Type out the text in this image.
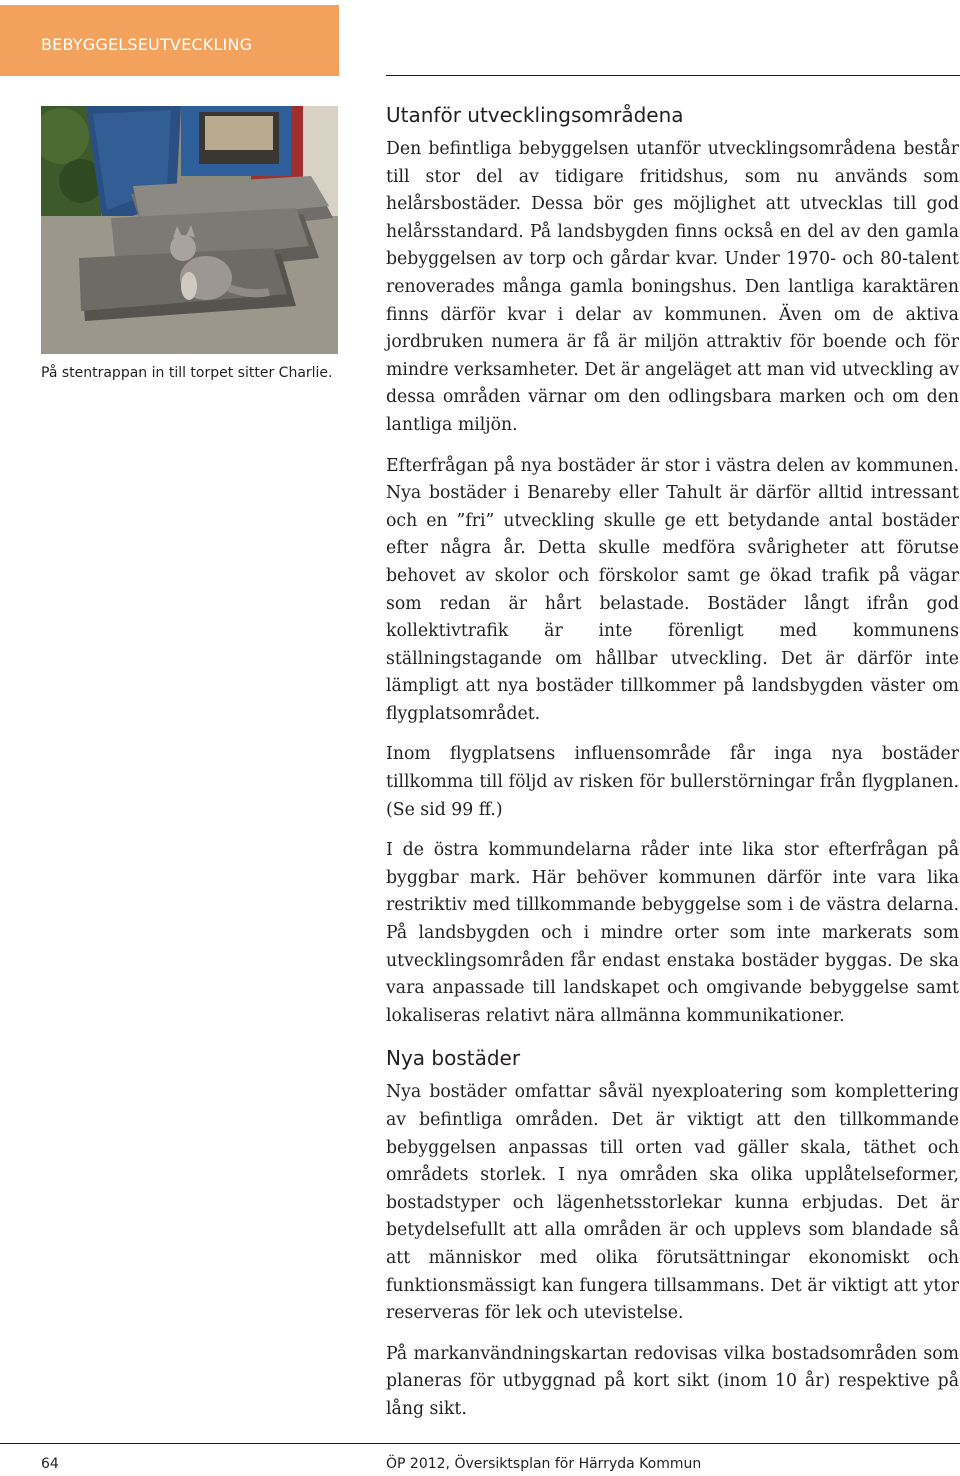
BEBYGGELSEUTVECKLING
På stentrappan in till torpet sitter Charlie.
Utanför utvecklingsområdena

Den befintliga bebyggelsen utanför utvecklingsområdena består till stor del av tidigare fritidshus, som nu används som helårsbostäder. Dessa bör ges möjlighet att utvecklas till god helårsstandard. På landsbygden finns också en del av den gamla bebyggelsen av torp och gårdar kvar. Under 1970- och 80-talent renoverades många gamla boningshus. Den lantliga karaktären finns därför kvar i delar av kommunen. Även om de aktiva jordbruken numera är få är miljön attraktiv för boende och för mindre verksamheter. Det är angeläget att man vid utveckling av dessa områden värnar om den odlingsbara marken och om den lantliga miljön.

Efterfrågan på nya bostäder är stor i västra delen av kommunen. Nya bostäder i Benareby eller Tahult är därför alltid intressant och en ”fri” utveckling skulle ge ett betydande antal bostäder efter några år. Detta skulle medföra svårigheter att förutse behovet av skolor och förskolor samt ge ökad trafik på vägar som redan är hårt belastade. Bostäder långt ifrån god kollektivtrafik är inte förenligt med kommunens ställningstagande om hållbar utveckling. Det är därför inte lämpligt att nya bostäder tillkommer på landsbygden väster om flygplatsområdet.

Inom flygplatsens influensområde får inga nya bostäder tillkomma till följd av risken för bullerstörningar från flygplanen. (Se sid 99 ff.)

I de östra kommundelarna råder inte lika stor efterfrågan på byggbar mark. Här behöver kommunen därför inte vara lika restriktiv med tillkommande bebyggelse som i de västra delarna. På landsbygden och i mindre orter som inte markerats som utvecklingsområden får endast enstaka bostäder byggas. De ska vara anpassade till landskapet och omgivande bebyggelse samt lokaliseras relativt nära allmänna kommunikationer.

Nya bostäder

Nya bostäder omfattar såväl nyexploatering som komplettering av befintliga områden. Det är viktigt att den tillkommande bebyggelsen anpassas till orten vad gäller skala, täthet och områdets storlek. I nya områden ska olika upplåtelseformer, bostadstyper och lägenhetsstorlekar kunna erbjudas. Det är betydelsefullt att alla områden är och upplevs som blandade så att människor med olika förutsättningar ekonomiskt och funktionsmässigt kan fungera tillsammans. Det är viktigt att ytor reserveras för lek och utevistelse.

På markanvändningskartan redovisas vilka bostadsområden som planeras för utbyggnad på kort sikt (inom 10 år) respektive på lång sikt.

64	ÖP 2012, Översiktsplan för Härryda Kommun
